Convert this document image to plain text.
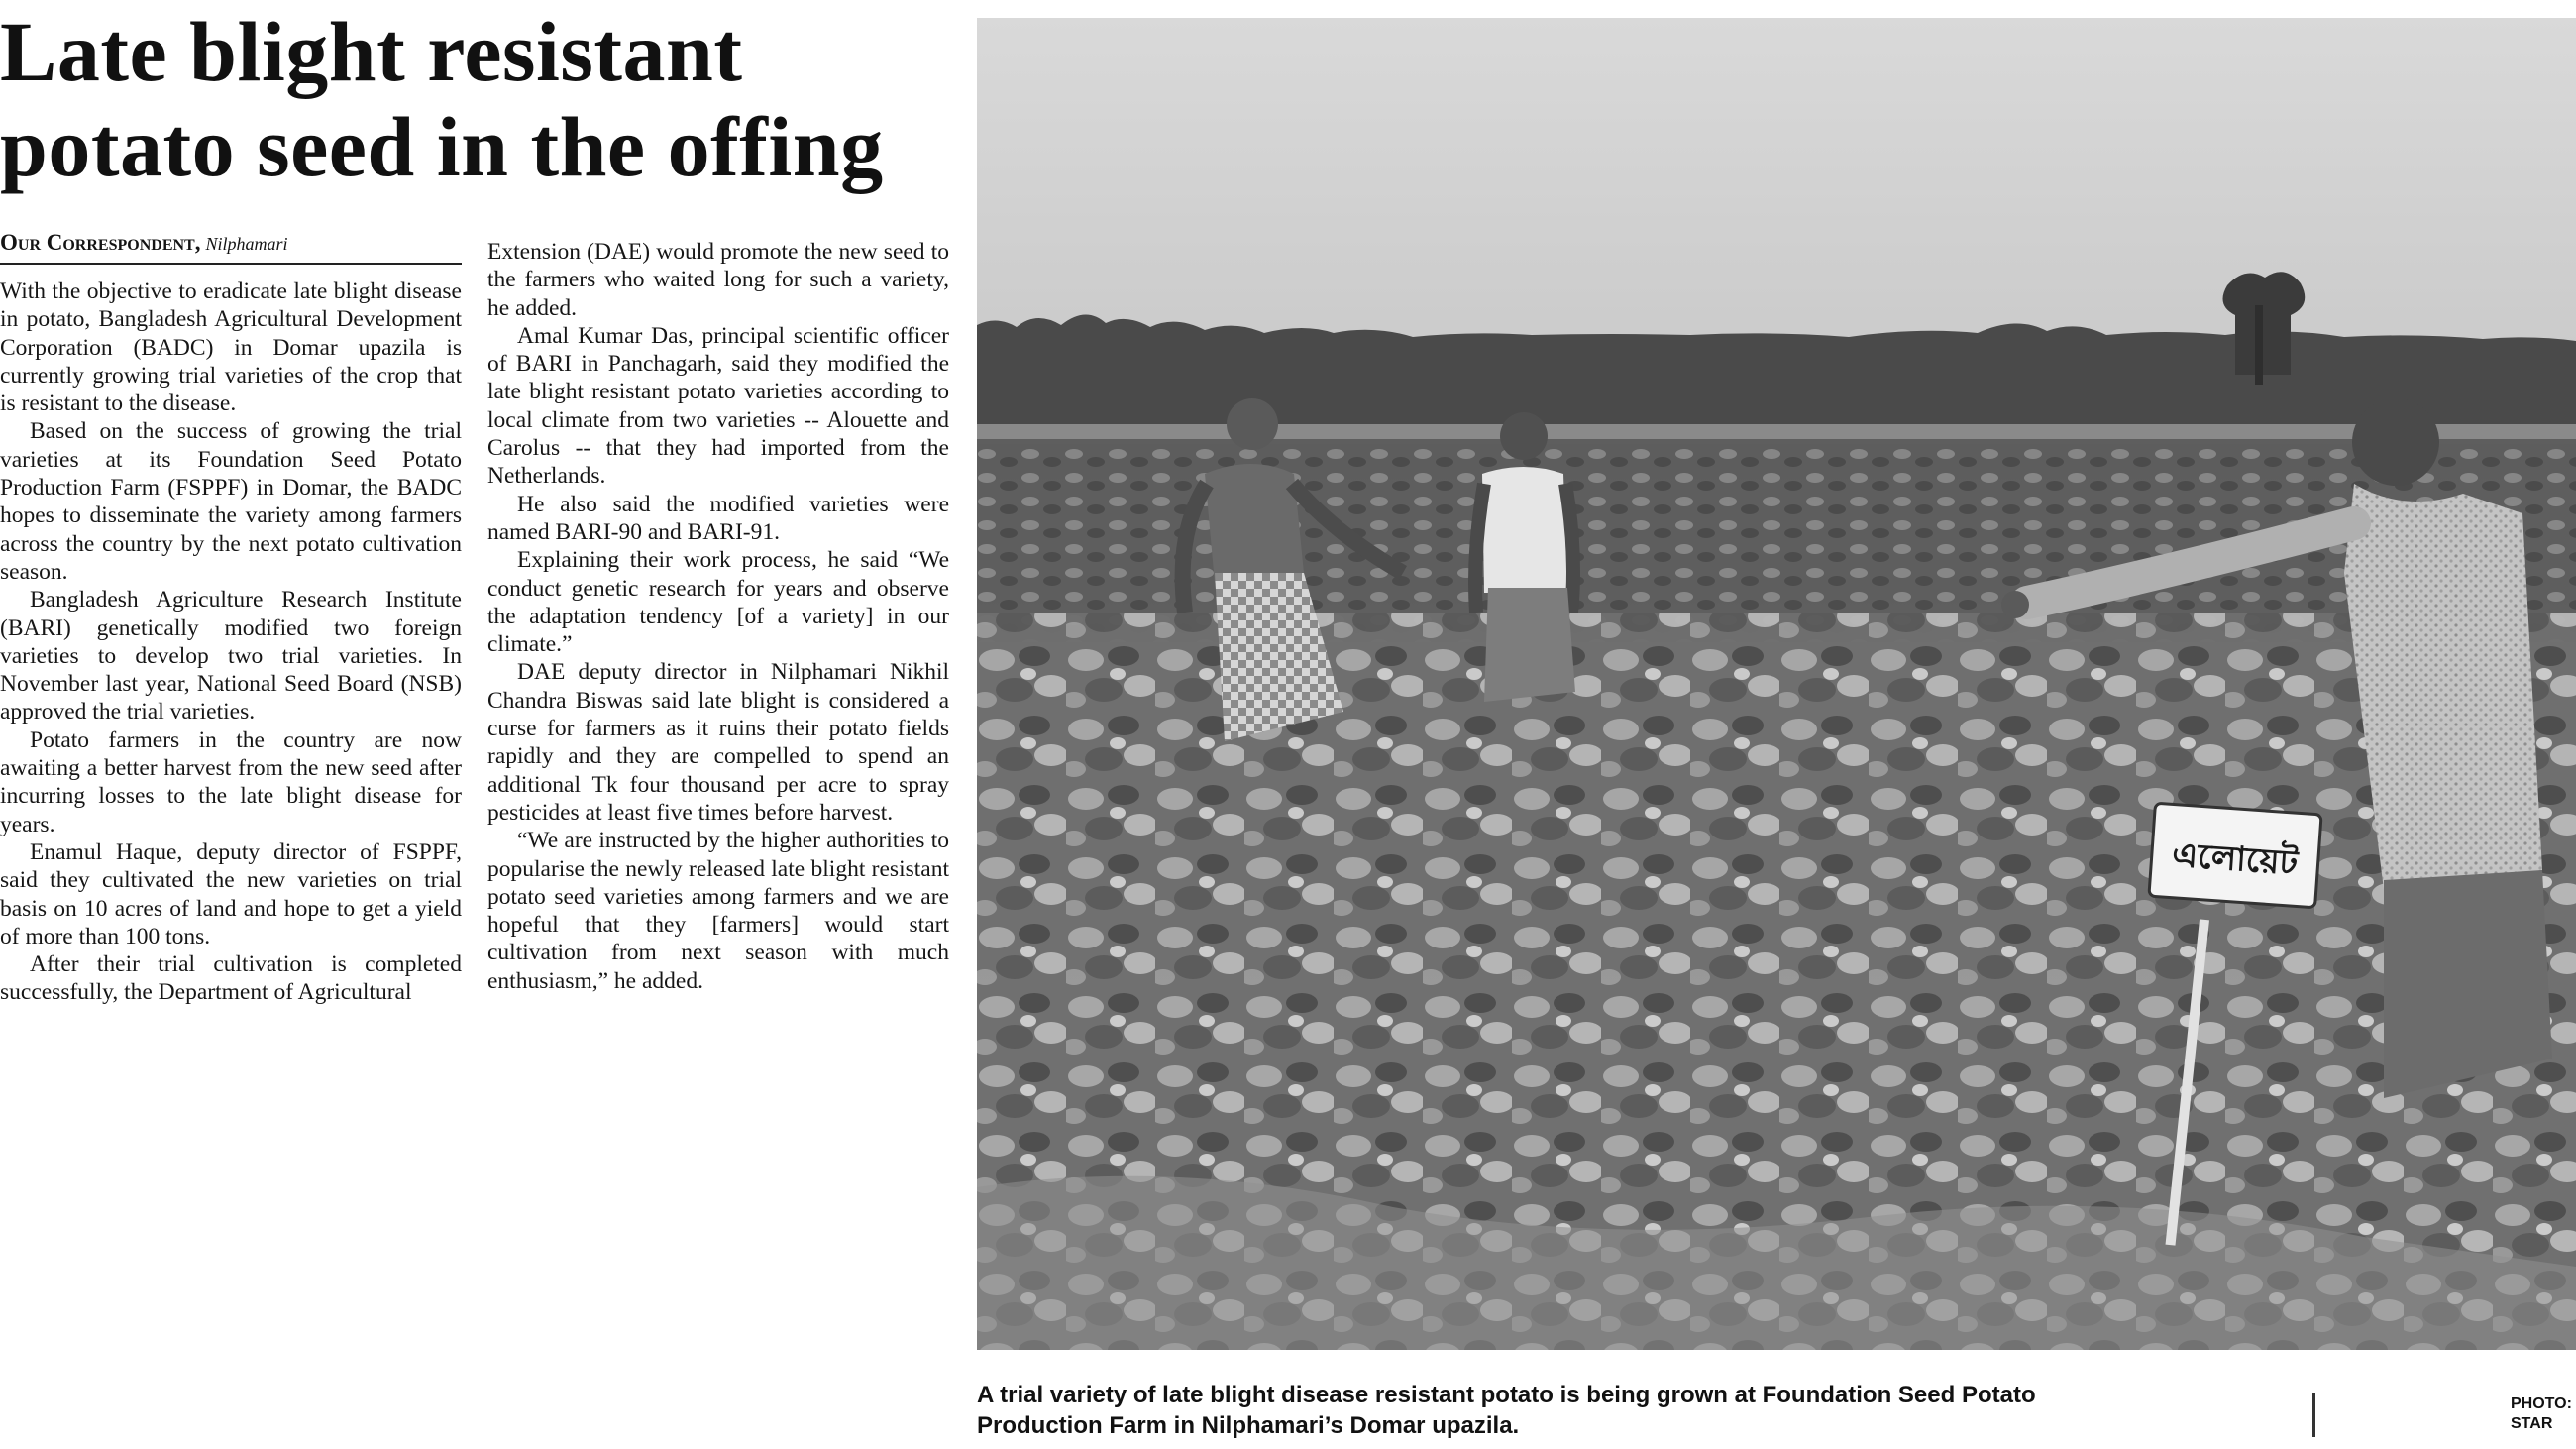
Late blight resistant
potato seed in the offing
Our Correspondent, Nilphamari

With the objective to eradicate late blight disease in potato, Bangladesh Agricultural Development Corporation (BADC) in Domar upazila is currently growing trial varieties of the crop that is resistant to the disease.

Based on the success of growing the trial varieties at its Foundation Seed Potato Production Farm (FSPPF) in Domar, the BADC hopes to disseminate the variety among farmers across the country by the next potato cultivation season.

Bangladesh Agriculture Research Institute (BARI) genetically modified two foreign varieties to develop two trial varieties. In November last year, National Seed Board (NSB) approved the trial varieties.

Potato farmers in the country are now awaiting a better harvest from the new seed after incurring losses to the late blight disease for years.

Enamul Haque, deputy director of FSPPF, said they cultivated the new varieties on trial basis on 10 acres of land and hope to get a yield of more than 100 tons.

After their trial cultivation is completed successfully, the Department of Agricultural

Extension (DAE) would promote the new seed to the farmers who waited long for such a variety, he added.

Amal Kumar Das, principal scientific officer of BARI in Panchagarh, said they modified the late blight resistant potato varieties according to local climate from two varieties -- Alouette and Carolus -- that they had imported from the Netherlands.

He also said the modified varieties were named BARI-90 and BARI-91.

Explaining their work process, he said “We conduct genetic research for years and observe the adaptation tendency [of a variety] in our climate.”

DAE deputy director in Nilphamari Nikhil Chandra Biswas said late blight is considered a curse for farmers as it ruins their potato fields rapidly and they are compelled to spend an additional Tk four thousand per acre to spray pesticides at least five times before harvest.

“We are instructed by the higher authorities to popularise the newly released late blight resistant potato seed varieties among farmers and we are hopeful that they [farmers] would start cultivation from next season with much enthusiasm,” he added.

এলোয়েট
A trial variety of late blight disease resistant potato is being grown at Foundation Seed Potato Production Farm in Nilphamari’s Domar upazila.
PHOTO:
STAR
